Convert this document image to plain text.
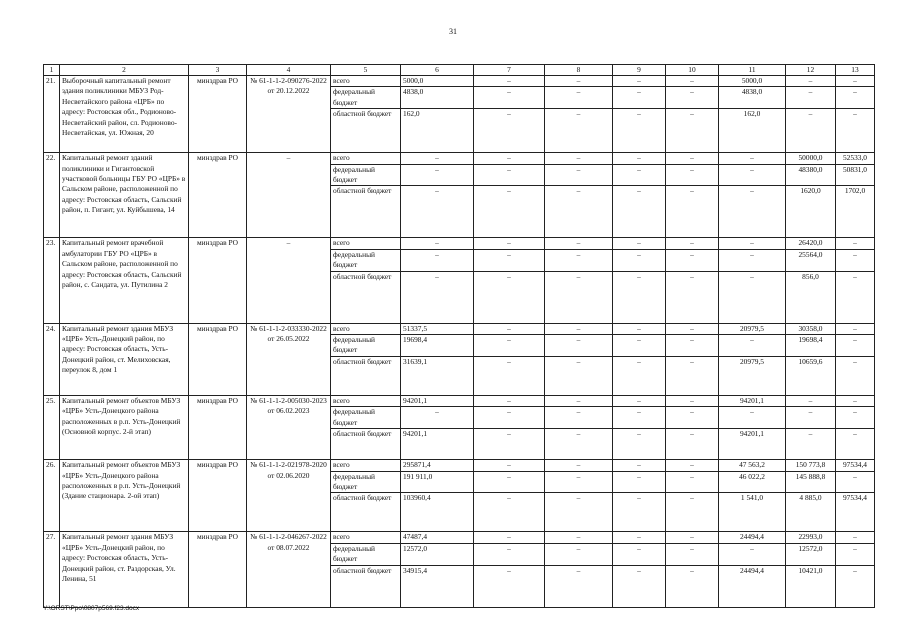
31
1	2	3	4	5	6	7	8	9	10	11	12	13
21.	Выборочный капитальный ремонт здания поликлиники МБУЗ Род-Несветайского района «ЦРБ» по адресу: Ростовская обл., Родионово-Несветайский район, сл. Родионово-Несветайская, ул. Южная, 20	минздрав РО	№ 61-1-1-2-090276-2022 от 20.12.2022	всего	5000,0	–	–	–	–	5000,0	–	–
				федеральный бюджет	4838,0	–	–	–	–	4838,0	–	–
				областной бюджет	162,0	–	–	–	–	162,0	–	–
22.	Капитальный ремонт зданий поликлиники и Гигантовской участковой больницы ГБУ РО «ЦРБ» в Сальском районе, расположенной по адресу: Ростовская область, Сальский район, п. Гигант, ул. Куйбышева, 14	минздрав РО	–	всего	–	–	–	–	–	–	50000,0	52533,0
				федеральный бюджет	–	–	–	–	–	–	48380,0	50831,0
				областной бюджет	–	–	–	–	–	–	1620,0	1702,0
23.	Капитальный ремонт врачебной амбулатории ГБУ РО «ЦРБ» в Сальском районе, расположенной по адресу: Ростовская область, Сальский район, с. Сандата, ул. Путилина 2	минздрав РО	–	всего	–	–	–	–	–	–	26420,0	–
				федеральный бюджет	–	–	–	–	–	–	25564,0	–
				областной бюджет	–	–	–	–	–	–	856,0	–
24.	Капитальный ремонт здания МБУЗ «ЦРБ» Усть-Донецкий район, по адресу: Ростовская область, Усть-Донецкий район, ст. Мелиховская, переулок 8, дом 1	минздрав РО	№ 61-1-1-2-033330-2022 от 26.05.2022	всего	51337,5	–	–	–	–	20979,5	30358,0	–
				федеральный бюджет	19698,4	–	–	–	–	–	19698,4	–
				областной бюджет	31639,1	–	–	–	–	20979,5	10659,6	–
25.	Капитальный ремонт объектов МБУЗ «ЦРБ» Усть-Донецкого района расположенных в р.п. Усть-Донецкий (Основной корпус. 2-й этап)	минздрав РО	№ 61-1-1-2-005030-2023 от 06.02.2023	всего	94201,1	–	–	–	–	94201,1	–	–
				федеральный бюджет	–	–	–	–	–	–	–	–
				областной бюджет	94201,1	–	–	–	–	94201,1	–	–
26.	Капитальный ремонт объектов МБУЗ «ЦРБ» Усть-Донецкого района расположенных в р.п. Усть-Донецкий (Здание стационара. 2-ой этап)	минздрав РО	№ 61-1-1-2-021978-2020 от 02.06.2020	всего	295871,4	–	–	–	–	47 563,2	150 773,8	97534,4
				федеральный бюджет	191 911,0	–	–	–	–	46 022,2	145 888,8	–
				областной бюджет	103960,4	–	–	–	–	1 541,0	4 885,0	97534,4
27.	Капитальный ремонт здания МБУЗ «ЦРБ» Усть-Донецкий район, по адресу: Ростовская область, Усть-Донецкий район, ст. Раздорская, Ул. Ленина, 51	минздрав РО	№ 61-1-1-2-046267-2022 от 08.07.2022	всего	47487,4	–	–	–	–	24494,4	22993,0	–
				федеральный бюджет	12572,0	–	–	–	–	–	12572,0	–
				областной бюджет	34915,4	–	–	–	–	24494,4	10421,0	–
Y:\ORST\Ppo\0807p569.f23.docx
